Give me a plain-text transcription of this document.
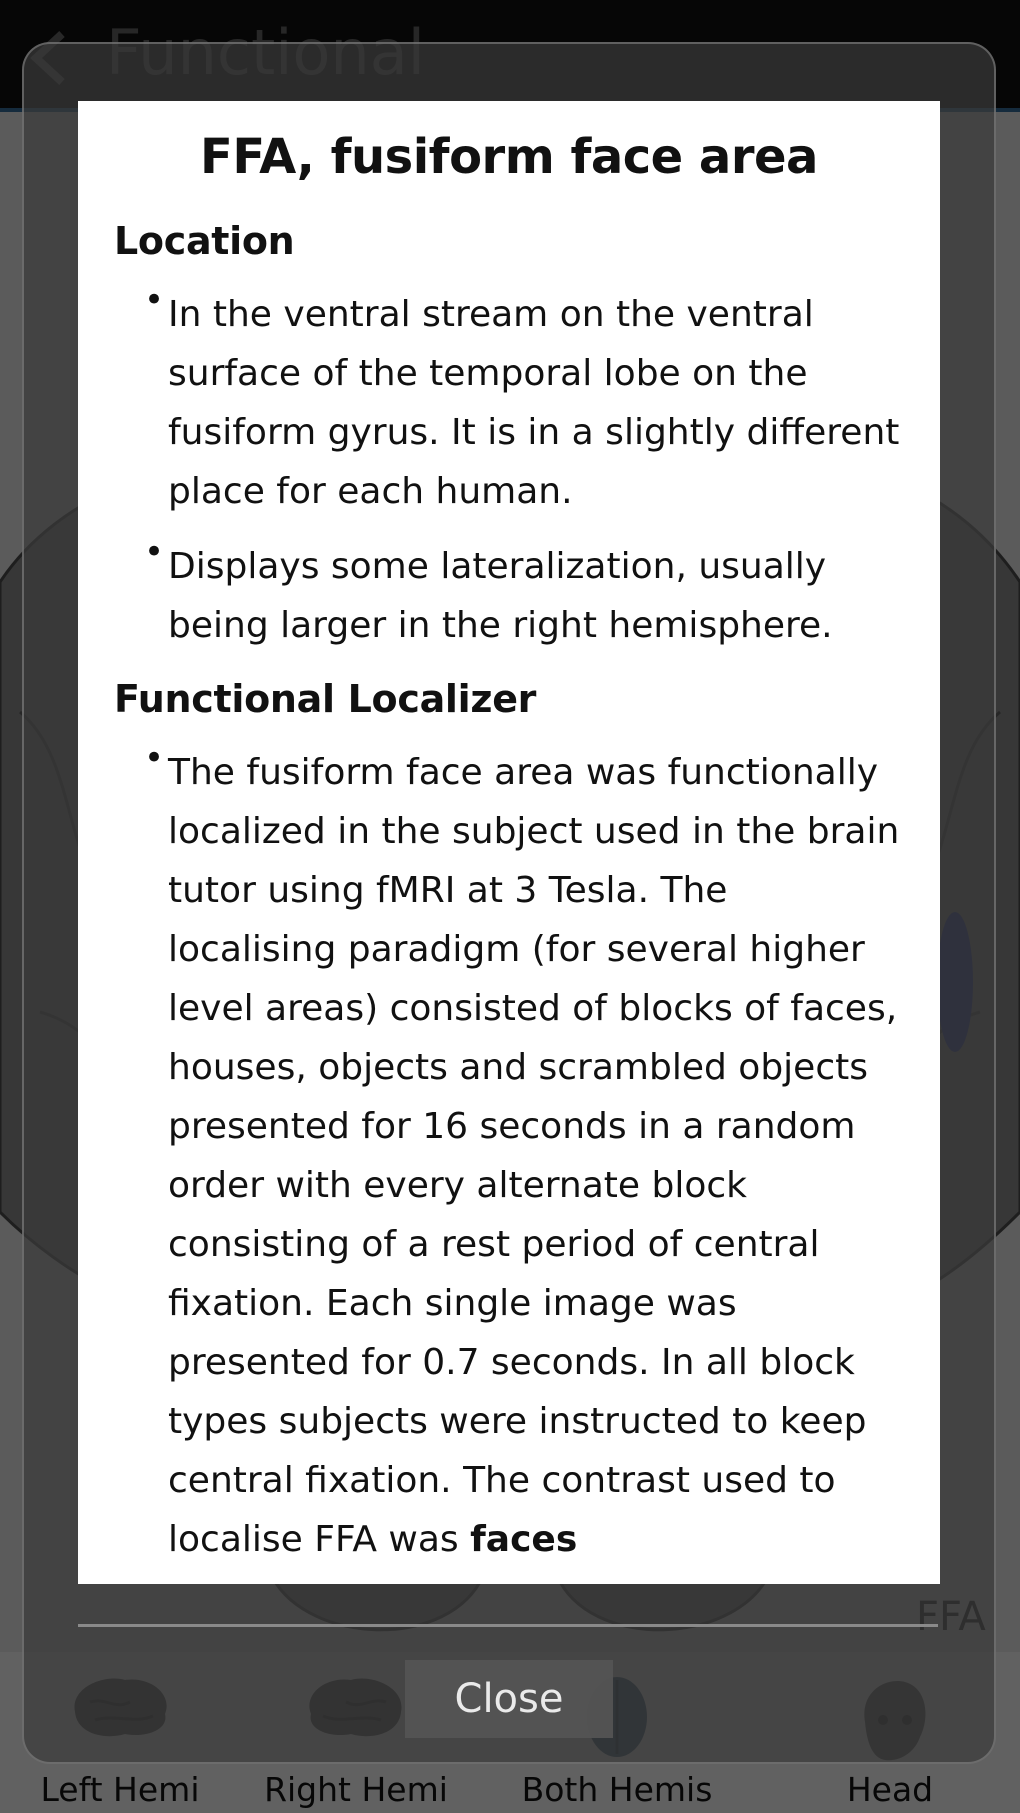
FFA, fusiform face area
Location
• In the ventral stream on the ventral surface of the temporal lobe on the fusiform gyrus. It is in a slightly different place for each human.
• Displays some lateralization, usually being larger in the right hemisphere.
Functional Localizer
• The fusiform face area was functionally localized in the subject used in the brain tutor using fMRI at 3 Tesla. The localising paradigm (for several higher level areas) consisted of blocks of faces, houses, objects and scrambled objects presented for 16 seconds in a random order with every alternate block consisting of a rest period of central fixation. Each single image was presented for 0.7 seconds. In all block types subjects were instructed to keep central fixation. The contrast used to localise FFA was faces
Close
